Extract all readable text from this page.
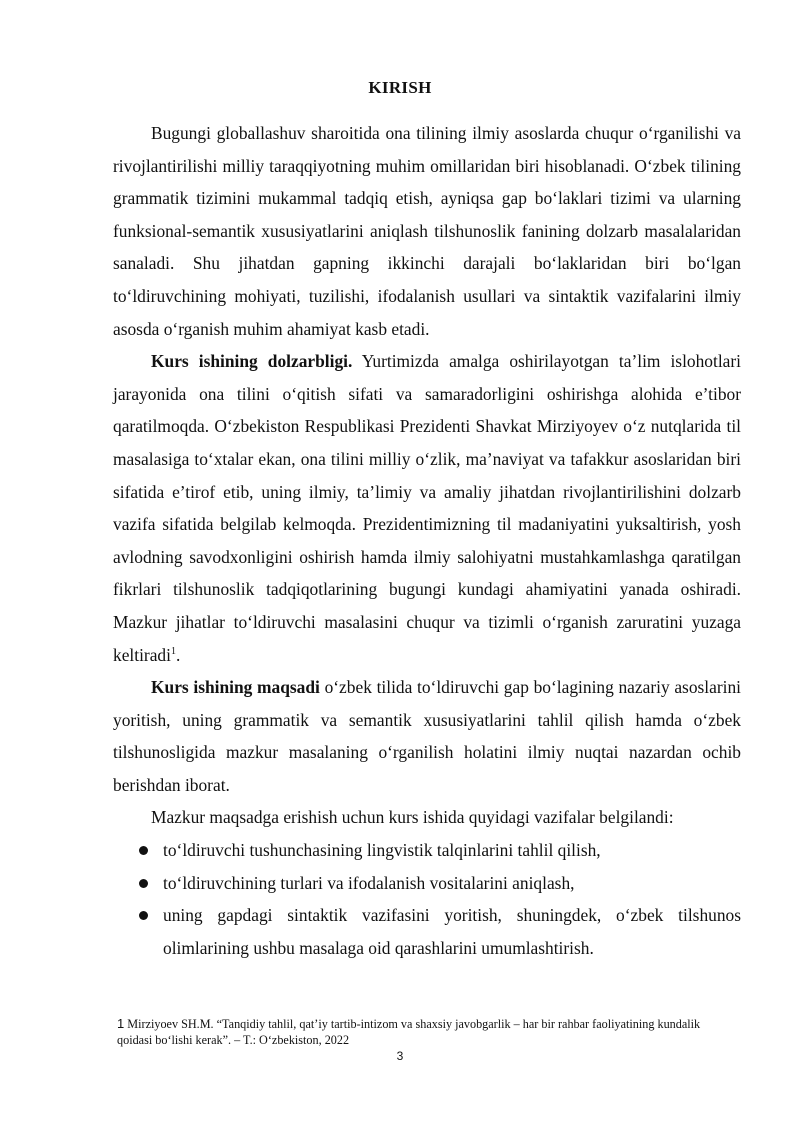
KIRISH

Bugungi globallashuv sharoitida ona tilining ilmiy asoslarda chuqur o‘rganilishi va rivojlantirilishi milliy taraqqiyotning muhim omillaridan biri hisoblanadi. O‘zbek tilining grammatik tizimini mukammal tadqiq etish, ayniqsa gap bo‘laklari tizimi va ularning funksional-semantik xususiyatlarini aniqlash tilshunoslik fanining dolzarb masalalaridan sanaladi. Shu jihatdan gapning ikkinchi darajali bo‘laklaridan biri bo‘lgan to‘ldiruvchining mohiyati, tuzilishi, ifodalanish usullari va sintaktik vazifalarini ilmiy asosda o‘rganish muhim ahamiyat kasb etadi.

Kurs ishining dolzarbligi. Yurtimizda amalga oshirilayotgan ta’lim islohotlari jarayonida ona tilini o‘qitish sifati va samaradorligini oshirishga alohida e’tibor qaratilmoqda. O‘zbekiston Respublikasi Prezidenti Shavkat Mirziyoyev o‘z nutqlarida til masalasiga to‘xtalar ekan, ona tilini milliy o‘zlik, ma’naviyat va tafakkur asoslaridan biri sifatida e’tirof etib, uning ilmiy, ta’limiy va amaliy jihatdan rivojlantirilishini dolzarb vazifa sifatida belgilab kelmoqda. Prezidentimizning til madaniyatini yuksaltirish, yosh avlodning savodxonligini oshirish hamda ilmiy salohiyatni mustahkamlashga qaratilgan fikrlari tilshunoslik tadqiqotlarining bugungi kundagi ahamiyatini yanada oshiradi. Mazkur jihatlar to‘ldiruvchi masalasini chuqur va tizimli o‘rganish zaruratini yuzaga keltiradi$^1$.

Kurs ishining maqsadi o‘zbek tilida to‘ldiruvchi gap bo‘lagining nazariy asoslarini yoritish, uning grammatik va semantik xususiyatlarini tahlil qilish hamda o‘zbek tilshunosligida mazkur masalaning o‘rganilish holatini ilmiy nuqtai nazardan ochib berishdan iborat.

Mazkur maqsadga erishish uchun kurs ishida quyidagi vazifalar belgilandi:

to‘ldiruvchi tushunchasining lingvistik talqinlarini tahlil qilish,
to‘ldiruvchining turlari va ifodalanish vositalarini aniqlash,
uning gapdagi sintaktik vazifasini yoritish, shuningdek, o‘zbek tilshunos olimlarining ushbu masalaga oid qarashlarini umumlashtirish.
1 Mirziyoev SH.M. “Tanqidiy tahlil, qat’iy tartib-intizom va shaxsiy javobgarlik – har bir rahbar faoliyatining kundalik qoidasi bo‘lishi kerak”. – T.: O‘zbekiston, 2022
3
